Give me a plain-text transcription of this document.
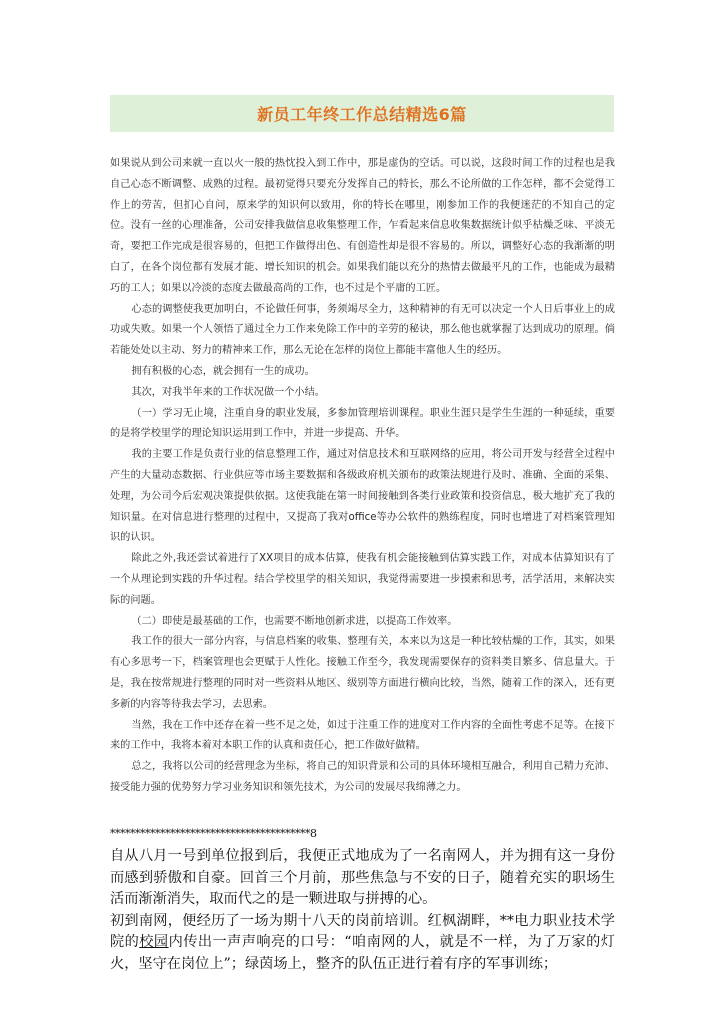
新员工年终工作总结精选6篇

如果说从到公司来就一直以火一般的热忱投入到工作中，那是虚伪的空话。可以说，这段时间工作的过程也是我自己心态不断调整、成熟的过程。最初觉得只要充分发挥自己的特长，那么不论所做的工作怎样，都不会觉得工作上的劳苦，但扪心自问，原来学的知识何以致用，你的特长在哪里，刚参加工作的我便迷茫的不知自己的定位。没有一丝的心理准备，公司安排我做信息收集整理工作，乍看起来信息收集数据统计似乎枯燥乏味、平淡无奇，要把工作完成是很容易的，但把工作做得出色、有创造性却是很不容易的。所以，调整好心态的我渐渐的明白了，在各个岗位都有发展才能、增长知识的机会。如果我们能以充分的热情去做最平凡的工作，也能成为最精巧的工人；如果以冷淡的态度去做最高尚的工作，也不过是个平庸的工匠。

心态的调整使我更加明白，不论做任何事，务须竭尽全力，这种精神的有无可以决定一个人日后事业上的成功或失败。如果一个人领悟了通过全力工作来免除工作中的辛劳的秘诀，那么他也就掌握了达到成功的原理。倘若能处处以主动、努力的精神来工作，那么无论在怎样的岗位上都能丰富他人生的经历。

拥有积极的心态，就会拥有一生的成功。

其次，对我半年来的工作状况做一个小结。

（一）学习无止境，注重自身的职业发展，多参加管理培训课程。职业生涯只是学生生涯的一种延续，重要的是将学校里学的理论知识运用到工作中，并进一步提高、升华。

我的主要工作是负责行业的信息整理工作，通过对信息技术和互联网络的应用，将公司开发与经营全过程中产生的大量动态数据、行业供应等市场主要数据和各级政府机关颁布的政策法规进行及时、准确、全面的采集、处理，为公司今后宏观决策提供依据。这使我能在第一时间接触到各类行业政策和投资信息，极大地扩充了我的知识量。在对信息进行整理的过程中，又提高了我对office等办公软件的熟练程度，同时也增进了对档案管理知识的认识。

除此之外,我还尝试着进行了XX项目的成本估算，使我有机会能接触到估算实践工作，对成本估算知识有了一个从理论到实践的升华过程。结合学校里学的相关知识，我觉得需要进一步摸索和思考，活学活用，来解决实际的问题。

（二）即使是最基础的工作，也需要不断地创新求进，以提高工作效率。

我工作的很大一部分内容，与信息档案的收集、整理有关，本来以为这是一种比较枯燥的工作，其实，如果有心多思考一下，档案管理也会更赋于人性化。接触工作至今，我发现需要保存的资料类目繁多、信息量大。于是，我在按常规进行整理的同时对一些资料从地区、级别等方面进行横向比较，当然，随着工作的深入，还有更多新的内容等待我去学习，去思索。

当然，我在工作中还存在着一些不足之处，如过于注重工作的进度对工作内容的全面性考虑不足等。在接下来的工作中，我将本着对本职工作的认真和责任心，把工作做好做精。

总之，我将以公司的经营理念为坐标，将自己的知识背景和公司的具体环境相互融合，利用自己精力充沛、接受能力强的优势努力学习业务知识和领先技术，为公司的发展尽我绵薄之力。

****************************************8

自从八月一号到单位报到后，我便正式地成为了一名南网人，并为拥有这一身份而感到骄傲和自豪。回首三个月前，那些焦急与不安的日子，随着充实的职场生活而渐渐消失，取而代之的是一颗进取与拼搏的心。

初到南网，便经历了一场为期十八天的岗前培训。红枫湖畔，**电力职业技术学院的校园内传出一声声响亮的口号：“咱南网的人，就是不一样，为了万家的灯火，坚守在岗位上”；绿茵场上，整齐的队伍正进行着有序的军事训练；
